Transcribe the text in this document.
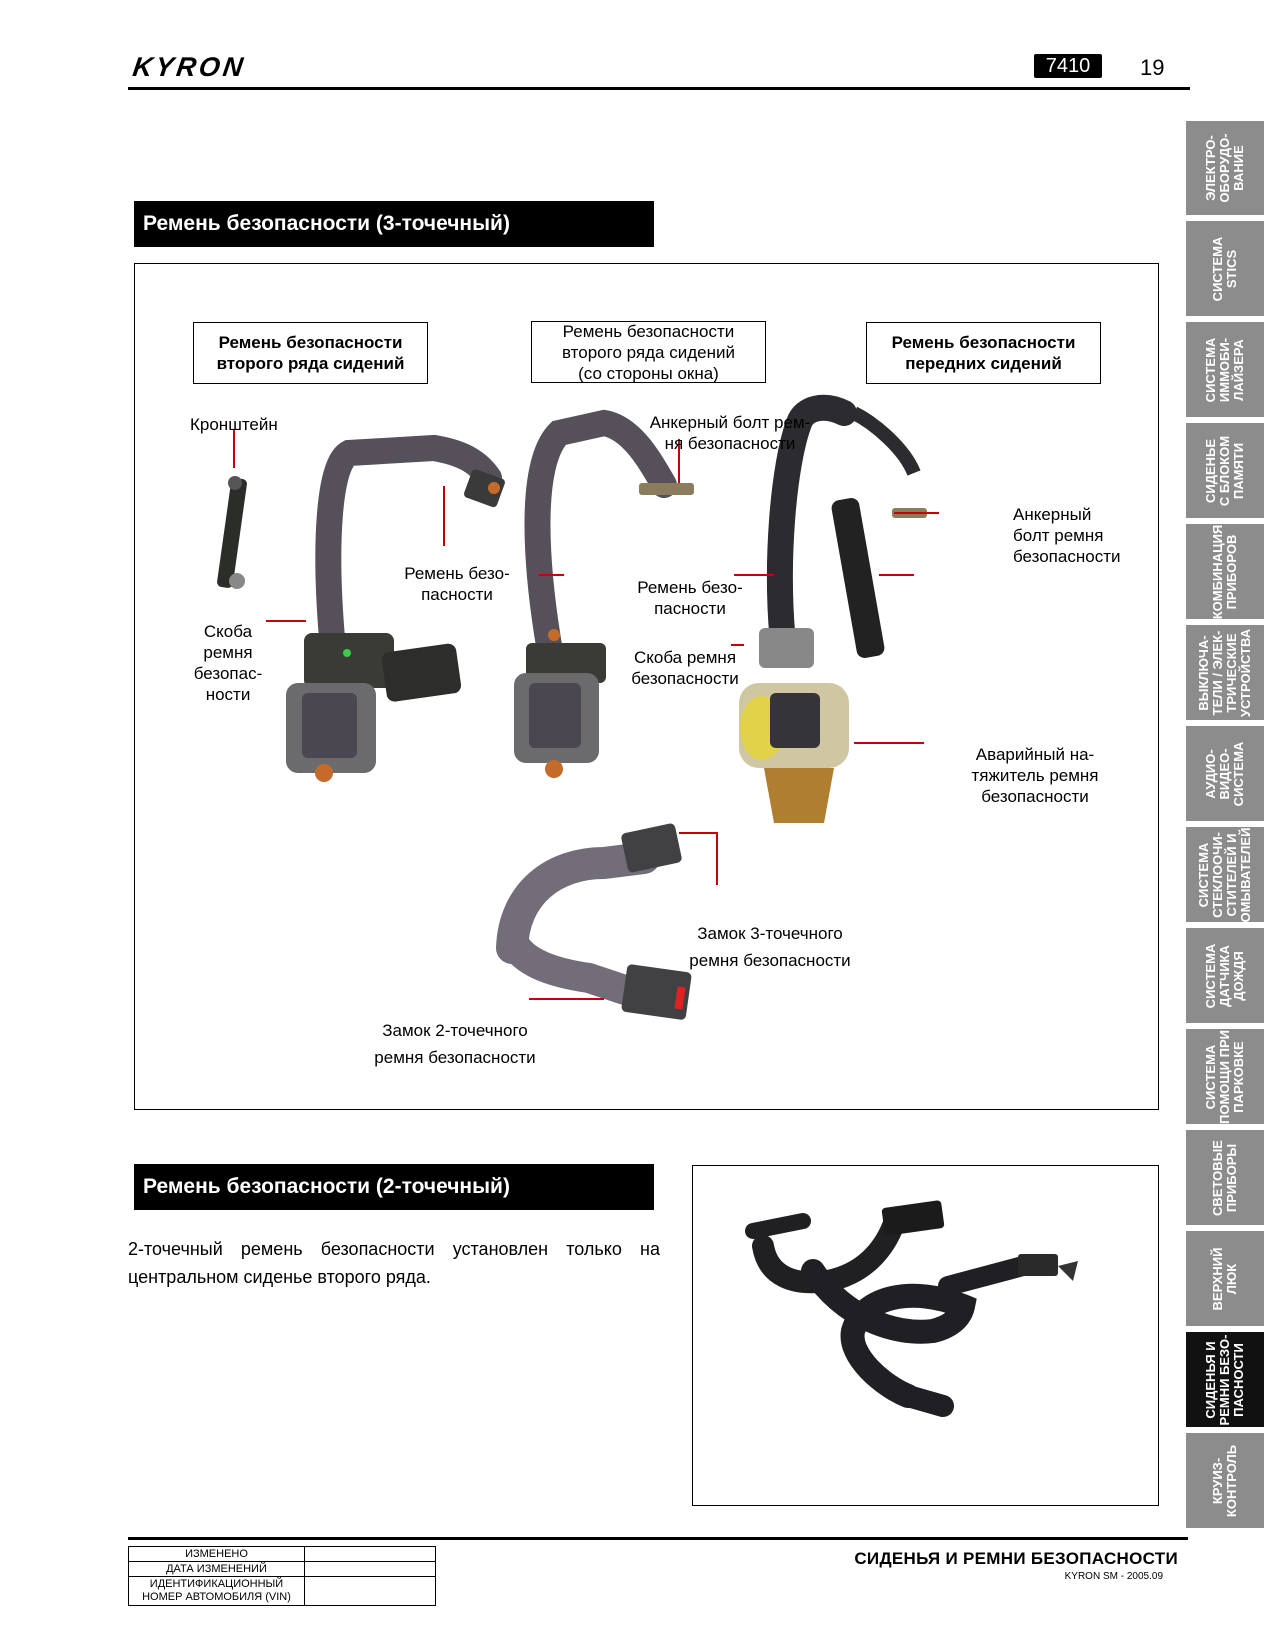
KYRON	7410	19
Ремень безопасности (3-точечный)
Ремень безопасности
второго ряда сидений
Ремень безопасности
второго ряда сидений
(со стороны окна)
Ремень безопасности
передних сидений
Кронштейн
Ремень безо-
пасности
Скоба
ремня
безопас-
ности
Анкерный болт рем-
ня безопасности
Ремень безо-
пасности
Скоба ремня
безопасности
Анкерный
болт ремня
безопасности
Аварийный на-
тяжитель ремня
безопасности
Замок 3-точечного
ремня безопасности
Замок 2-точечного
ремня безопасности
Ремень безопасности (2-точечный)
2-точечный ремень безопасности установлен только на центральном сиденье второго ряда.
ЭЛЕКТРО- ОБОРУДО- ВАНИЕ
СИСТЕМА STICS
СИСТЕМА ИММОБИ- ЛАЙЗЕРА
СИДЕНЬЕ С БЛОКОМ ПАМЯТИ
КОМБИНАЦИЯ ПРИБОРОВ
ВЫКЛЮЧА- ТЕЛИ / ЭЛЕК- ТРИЧЕСКИЕ УСТРОЙСТВА
АУДИО- ВИДЕО- СИСТЕМА
СИСТЕМА СТЕКЛООЧИ- СТИТЕЛЕЙ И ОМЫВАТЕЛЕЙ
СИСТЕМА ДАТЧИКА ДОЖДЯ
СИСТЕМА ПОМОЩИ ПРИ ПАРКОВКЕ
СВЕТОВЫЕ ПРИБОРЫ
ВЕРХНИЙ ЛЮК
СИДЕНЬЯ И РЕМНИ БЕЗО- ПАСНОСТИ
КРУИЗ- КОНТРОЛЬ
ИЗМЕНЕНО	
ДАТА ИЗМЕНЕНИЙ	
ИДЕНТИФИКАЦИОННЫЙ
НОМЕР АВТОМОБИЛЯ (VIN)	
СИДЕНЬЯ И РЕМНИ БЕЗОПАСНОСТИ
KYRON SM - 2005.09
